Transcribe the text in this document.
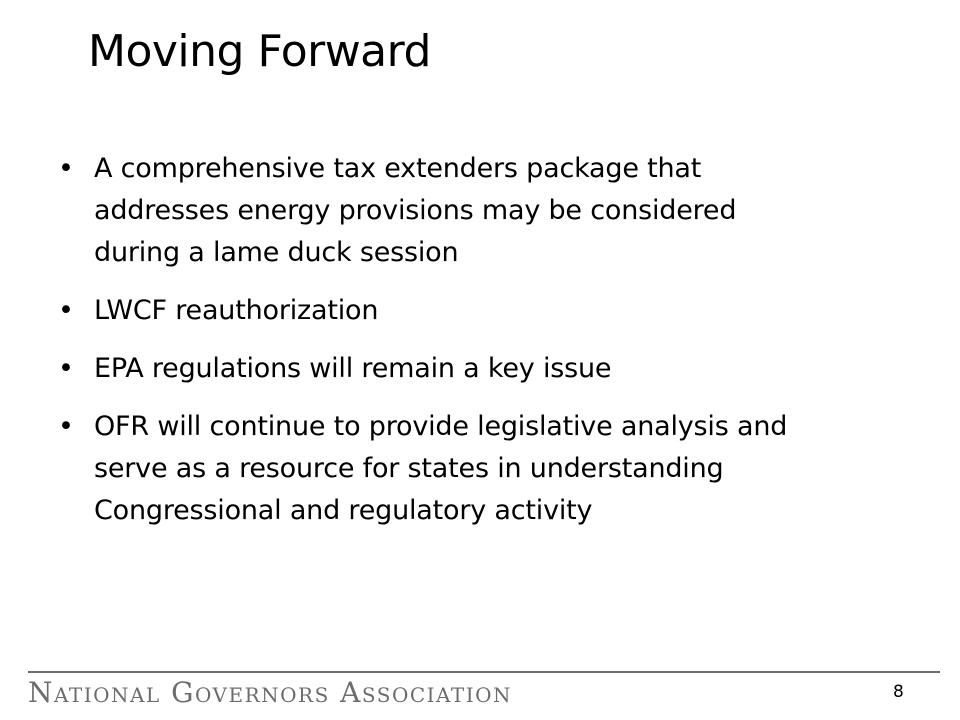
Moving Forward
• A comprehensive tax extenders package that addresses energy provisions may be considered during a lame duck session
• LWCF reauthorization
• EPA regulations will remain a key issue
• OFR will continue to provide legislative analysis and serve as a resource for states in understanding Congressional and regulatory activity
National Governors Association	8
